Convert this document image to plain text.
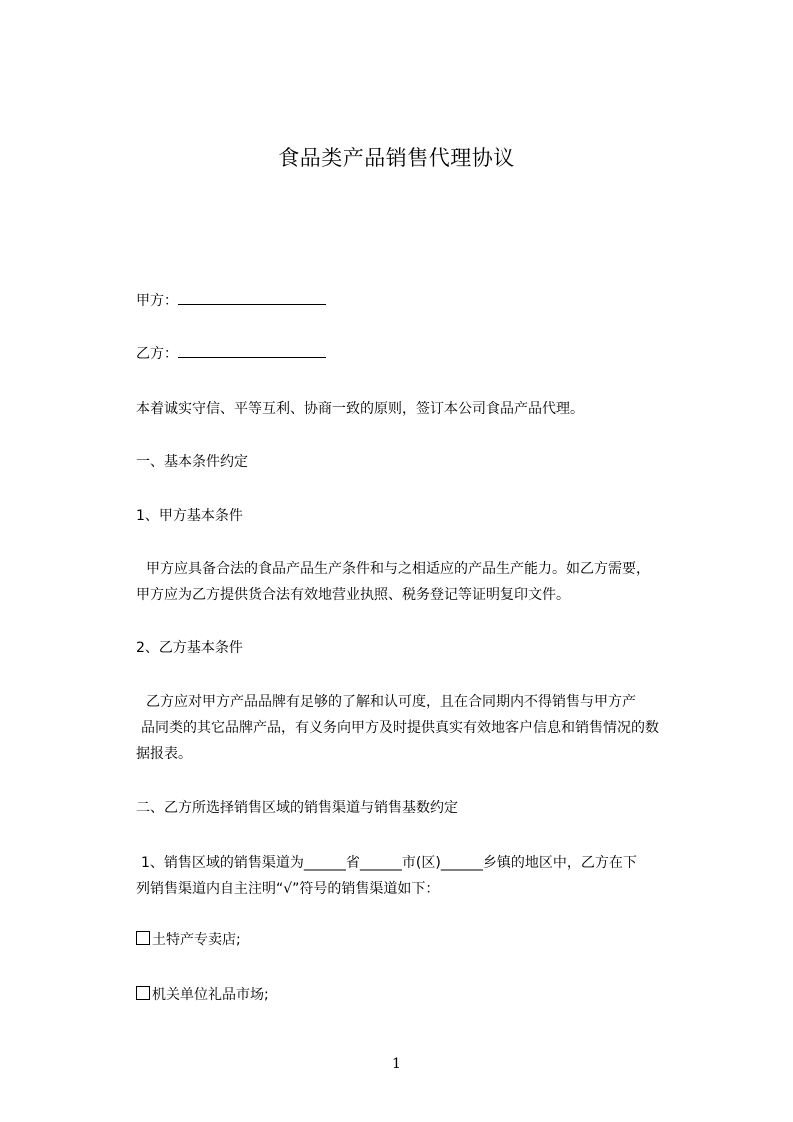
食品类产品销售代理协议
甲方：
乙方：
本着诚实守信、平等互利、协商一致的原则，签订本公司食品产品代理。
一、基本条件约定
1、甲方基本条件
甲方应具备合法的食品产品生产条件和与之相适应的产品生产能力。如乙方需要，
甲方应为乙方提供货合法有效地营业执照、税务登记等证明复印文件。
2、乙方基本条件
乙方应对甲方产品品牌有足够的了解和认可度，且在合同期内不得销售与甲方产
品同类的其它品牌产品，有义务向甲方及时提供真实有效地客户信息和销售情况的数
据报表。
二、乙方所选择销售区域的销售渠道与销售基数约定
1、销售区域的销售渠道为______省______市(区)______乡镇的地区中，乙方在下
列销售渠道内自主注明“√”符号的销售渠道如下：
土特产专卖店;
机关单位礼品市场;
1
